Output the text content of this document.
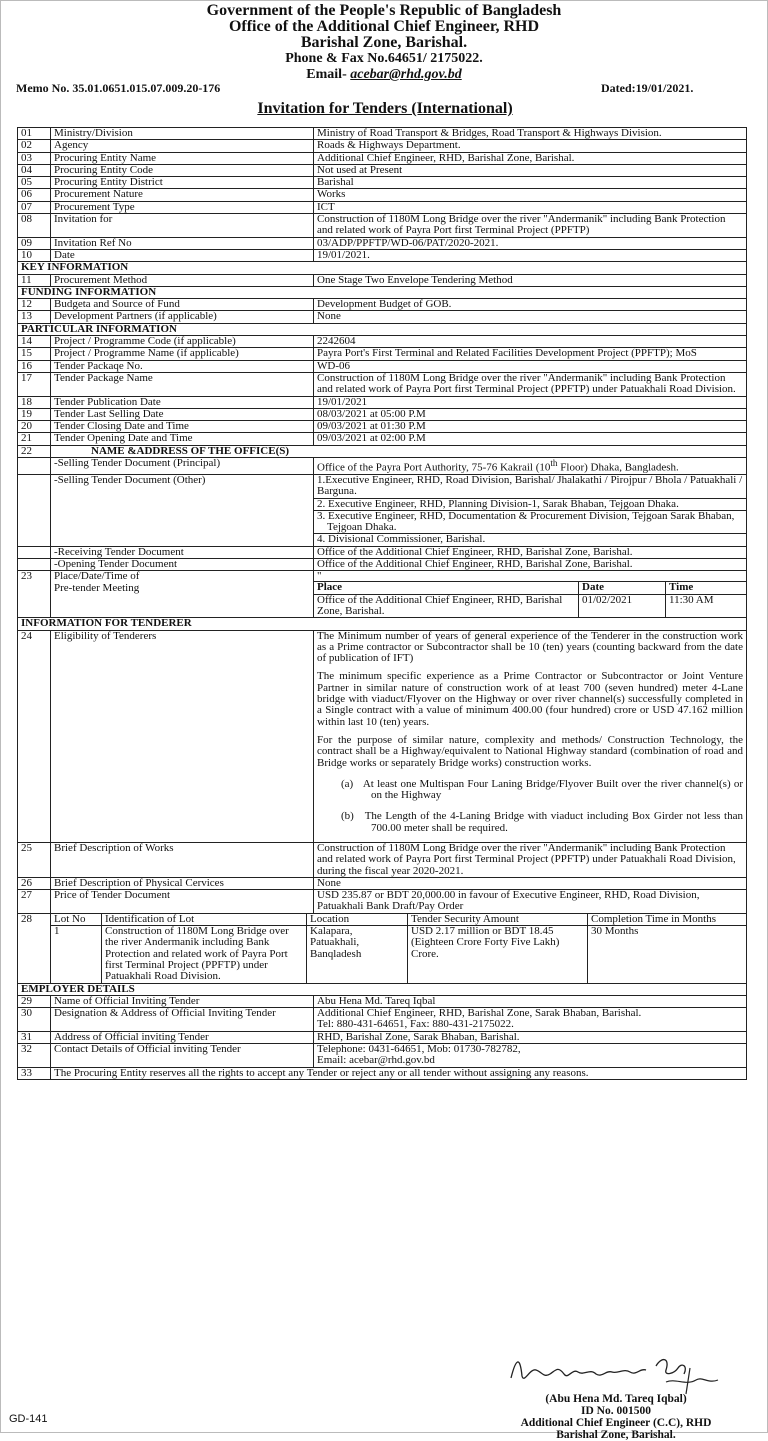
Government of the People's Republic of Bangladesh
Office of the Additional Chief Engineer, RHD
Barishal Zone, Barishal.
Phone & Fax No.64651/ 2175022.
Email- acebar@rhd.gov.bd
Memo No. 35.01.0651.015.07.009.20-176	Dated:19/01/2021.
Invitation for Tenders (International)
01	Ministry/Division	Ministry of Road Transport & Bridges, Road Transport & Highways Division.
02	Agency	Roads & Highways Department.
03	Procuring Entity Name	Additional Chief Engineer, RHD, Barishal Zone, Barishal.
04	Procuring Entity Code	Not used at Present
05	Procuring Entity District	Barishal
06	Procurement Nature	Works
07	Procurement Type	ICT
08	Invitation for	Construction of 1180M Long Bridge over the river "Andermanik" including Bank Protection and related work of Payra Port first Terminal Project (PPFTP)
09	Invitation Ref No	03/ADP/PPFTP/WD-06/PAT/2020-2021.
10	Date	19/01/2021.
KEY INFORMATION
11	Procurement Method	One Stage Two Envelope Tendering Method
FUNDING INFORMATION
12	Budgeta and Source of Fund	Development Budget of GOB.
13	Development Partners (if applicable)	None
PARTICULAR INFORMATION
14	Project / Programme Code (if applicable)	2242604
15	Project / Programme Name (if applicable)	Payra Port's First Terminal and Related Facilities Development Project (PPFTP); MoS
16	Tender Packaqe No.	WD-06
17	Tender Package Name	Construction of 1180M Long Bridge over the river "Andermanik" including Bank Protection and related work of Payra Port first Terminal Project (PPFTP) under Patuakhali Road Division.
18	Tender Publication Date	19/01/2021
19	Tender Last Selling Date	08/03/2021 at 05:00 P.M
20	Tender Closing Date and Time	09/03/2021 at 01:30 P.M
21	Tender Opening Date and Time	09/03/2021 at 02:00 P.M
22	NAME &ADDRESS OF THE OFFICE(S)
	-Selling Tender Document (Principal)	Office of the Payra Port Authority, 75-76 Kakrail (10th Floor) Dhaka, Bangladesh.
	-Selling Tender Document (Other)	1.Executive Engineer, RHD, Road Division, Barishal/ Jhalakathi / Pirojpur / Bhola / Patuakhali / Barguna.
2. Executive Engineer, RHD, Planning Division-1, Sarak Bhaban, Tejgoan Dhaka.
3. Executive Engineer, RHD, Documentation & Procurement Division, Tejgoan Sarak Bhaban, Tejgoan Dhaka.
4. Divisional Commissioner, Barishal.

	-Receiving Tender Document	Office of the Additional Chief Engineer, RHD, Barishal Zone, Barishal.
	-Opening Tender Document	Office of the Additional Chief Engineer, RHD, Barishal Zone, Barishal.
23	Place/Date/Time of
Pre-tender Meeting

"
Place	Date	Time
Office of the Additional Chief Engineer, RHD, Barishal Zone, Barishal.	01/02/2021	11:30 AM

INFORMATION FOR TENDERER
24	Eligibility of Tenderers	The Minimum number of years of general experience of the Tenderer in the construction work as a Prime contractor or Subcontractor shall be 10 (ten) years (counting backward from the date of publication of IFT)

The minimum specific experience as a Prime Contractor or Subcontractor or Joint Venture Partner in similar nature of construction work of at least 700 (seven hundred) meter 4-Lane bridge with viaduct/Flyover on the Highway or over river channel(s) successfully completed in a Single contract with a value of minimum 400.00 (four hundred) crore or USD 47.162 million within last 10 (ten) years.

For the purpose of similar nature, complexity and methods/ Construction Technology, the contract shall be a Highway/equivalent to National Highway standard (combination of road and Bridge works or separately Bridge works) construction works.

(a)   At least one Multispan Four Laning Bridge/Flyover Built over the river channel(s) or on the Highway

(b)   The Length of the 4-Laning Bridge with viaduct including Box Girder not less than 700.00 meter shall be required.

25	Brief Description of Works	Construction of 1180M Long Bridge over the river "Andermanik" including Bank Protection and related work of Payra Port first Terminal Project (PPFTP) under Patuakhali Road Division, during the fiscal year 2020-2021.
26	Brief Description of Physical Cervices	None
27	Price of Tender Document	USD 235.87 or BDT 20,000.00 in favour of Executive Engineer, RHD, Road Division, Patuakhali Bank Draft/Pay Order
28	Lot No	Identification of Lot	Location	Tender Security Amount	Completion Time in Months
1	Construction of 1180M Long Bridge over the river Andermanik including Bank Protection and related work of Payra Port first Terminal Project (PPFTP) under Patuakhali Road Division.	Kalapara, Patuakhali, Banqladesh	USD 2.17 million or BDT 18.45 (Eighteen Crore Forty Five Lakh) Crore.	30 Months

EMPLOYER DETAILS
29	Name of Official Inviting Tender	Abu Hena Md. Tareq Iqbal
30	Designation & Address of Official Inviting Tender	Additional Chief Engineer, RHD, Barishal Zone, Sarak Bhaban, Barishal.
Tel: 880-431-64651, Fax: 880-431-2175022.
31	Address of Official inviting Tender	RHD, Barishal Zone, Sarak Bhaban, Barishal.
32	Contact Details of Official inviting Tender	Telephone: 0431-64651, Mob: 01730-782782,
Email: acebar@rhd.gov.bd
33	The Procuring Entity reserves all the rights to accept any Tender or reject any or all tender without assigning any reasons.
(Abu Hena Md. Tareq Iqbal)
ID No. 001500
Additional Chief Engineer (C.C), RHD
Barishal Zone, Barishal.
GD-141
